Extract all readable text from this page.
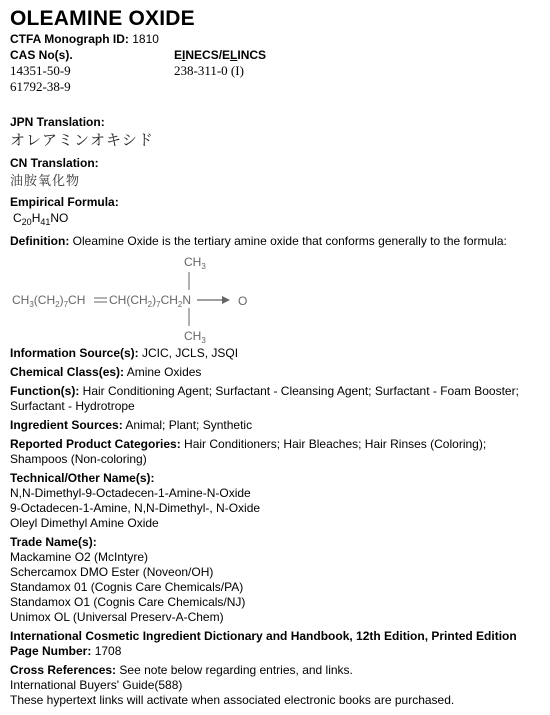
OLEAMINE OXIDE
CTFA Monograph ID: 1810
CAS No(s).
14351-50-9
61792-38-9
EINECS/ELINCS
238-311-0 (I)
JPN Translation:
オレアミンオキシド
CN Translation:
油胺氧化物
Empirical Formula:
$C_{20}H_{41}NO$
Definition: Oleamine Oxide is the tertiary amine oxide that conforms generally to the formula:
$CH_3$
$CH_3(CH_2)_7CH$ $CH(CH_2)_7CH_2N$	O
$CH_3$
Information Source(s): JCIC, JCLS, JSQI
Chemical Class(es): Amine Oxides
Function(s): Hair Conditioning Agent; Surfactant - Cleansing Agent; Surfactant - Foam Booster; Surfactant - Hydrotrope
Ingredient Sources: Animal; Plant; Synthetic
Reported Product Categories: Hair Conditioners; Hair Bleaches; Hair Rinses (Coloring); Shampoos (Non-coloring)
Technical/Other Name(s):
N,N-Dimethyl-9-Octadecen-1-Amine-N-Oxide
9-Octadecen-1-Amine, N,N-Dimethyl-, N-Oxide
Oleyl Dimethyl Amine Oxide
Trade Name(s):
Mackamine O2 (McIntyre)
Schercamox DMO Ester (Noveon/OH)
Standamox 01 (Cognis Care Chemicals/PA)
Standamox O1 (Cognis Care Chemicals/NJ)
Unimox OL (Universal Preserv-A-Chem)
International Cosmetic Ingredient Dictionary and Handbook, 12th Edition, Printed Edition
Page Number: 1708
Cross References: See note below regarding entries, and links.
International Buyers' Guide(588)
These hypertext links will activate when associated electronic books are purchased.
